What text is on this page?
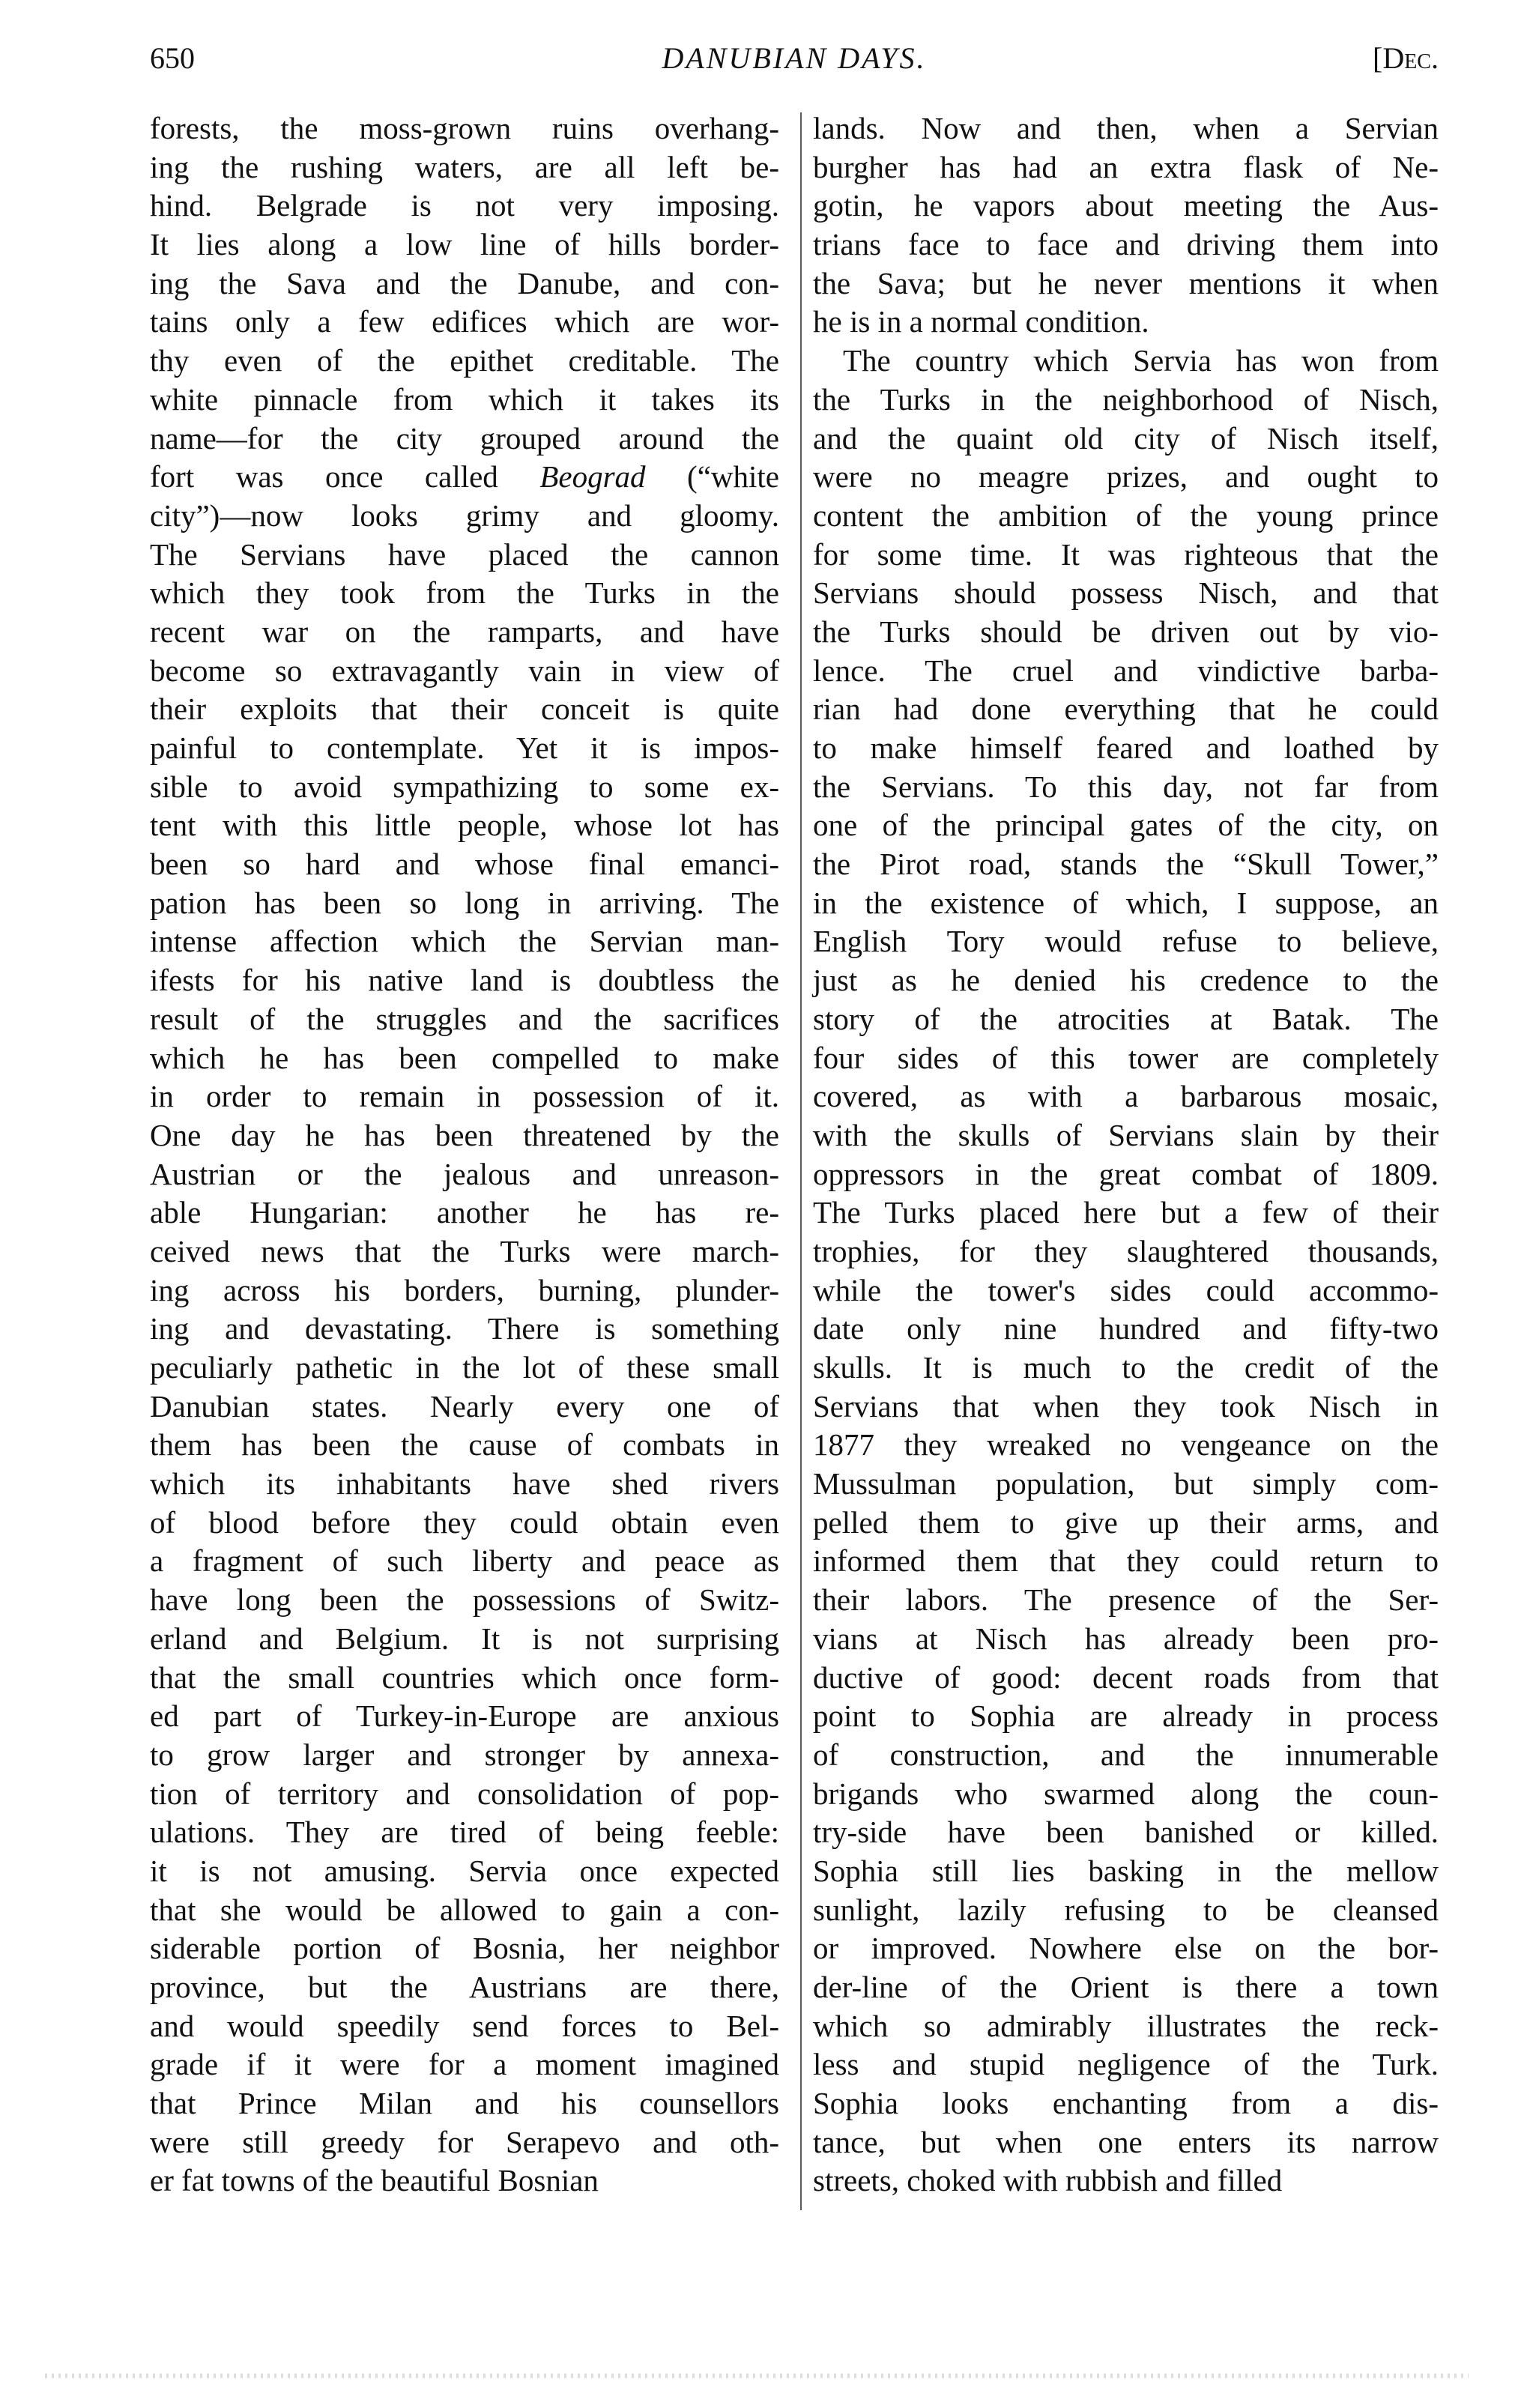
650	DANUBIAN DAYS.	[Dec.
forests, the moss-grown ruins overhang-
ing the rushing waters, are all left be-
hind. Belgrade is not very imposing.
It lies along a low line of hills border-
ing the Sava and the Danube, and con-
tains only a few edifices which are wor-
thy even of the epithet creditable. The
white pinnacle from which it takes its
name—for the city grouped around the
fort was once called Beograd (“white
city”)—now looks grimy and gloomy.
The Servians have placed the cannon
which they took from the Turks in the
recent war on the ramparts, and have
become so extravagantly vain in view of
their exploits that their conceit is quite
painful to contemplate. Yet it is impos-
sible to avoid sympathizing to some ex-
tent with this little people, whose lot has
been so hard and whose final emanci-
pation has been so long in arriving. The
intense affection which the Servian man-
ifests for his native land is doubtless the
result of the struggles and the sacrifices
which he has been compelled to make
in order to remain in possession of it.
One day he has been threatened by the
Austrian or the jealous and unreason-
able Hungarian: another he has re-
ceived news that the Turks were march-
ing across his borders, burning, plunder-
ing and devastating. There is something
peculiarly pathetic in the lot of these small
Danubian states. Nearly every one of
them has been the cause of combats in
which its inhabitants have shed rivers
of blood before they could obtain even
a fragment of such liberty and peace as
have long been the possessions of Switz-
erland and Belgium. It is not surprising
that the small countries which once form-
ed part of Turkey-in-Europe are anxious
to grow larger and stronger by annexa-
tion of territory and consolidation of pop-
ulations. They are tired of being feeble:
it is not amusing. Servia once expected
that she would be allowed to gain a con-
siderable portion of Bosnia, her neighbor
province, but the Austrians are there,
and would speedily send forces to Bel-
grade if it were for a moment imagined
that Prince Milan and his counsellors
were still greedy for Serapevo and oth-
er fat towns of the beautiful Bosnian
lands. Now and then, when a Servian
burgher has had an extra flask of Ne-
gotin, he vapors about meeting the Aus-
trians face to face and driving them into
the Sava; but he never mentions it when
he is in a normal condition.
The country which Servia has won from
the Turks in the neighborhood of Nisch,
and the quaint old city of Nisch itself,
were no meagre prizes, and ought to
content the ambition of the young prince
for some time. It was righteous that the
Servians should possess Nisch, and that
the Turks should be driven out by vio-
lence. The cruel and vindictive barba-
rian had done everything that he could
to make himself feared and loathed by
the Servians. To this day, not far from
one of the principal gates of the city, on
the Pirot road, stands the “Skull Tower,”
in the existence of which, I suppose, an
English Tory would refuse to believe,
just as he denied his credence to the
story of the atrocities at Batak. The
four sides of this tower are completely
covered, as with a barbarous mosaic,
with the skulls of Servians slain by their
oppressors in the great combat of 1809.
The Turks placed here but a few of their
trophies, for they slaughtered thousands,
while the tower's sides could accommo-
date only nine hundred and fifty-two
skulls. It is much to the credit of the
Servians that when they took Nisch in
1877 they wreaked no vengeance on the
Mussulman population, but simply com-
pelled them to give up their arms, and
informed them that they could return to
their labors. The presence of the Ser-
vians at Nisch has already been pro-
ductive of good: decent roads from that
point to Sophia are already in process
of construction, and the innumerable
brigands who swarmed along the coun-
try-side have been banished or killed.
Sophia still lies basking in the mellow
sunlight, lazily refusing to be cleansed
or improved. Nowhere else on the bor-
der-line of the Orient is there a town
which so admirably illustrates the reck-
less and stupid negligence of the Turk.
Sophia looks enchanting from a dis-
tance, but when one enters its narrow
streets, choked with rubbish and filled
